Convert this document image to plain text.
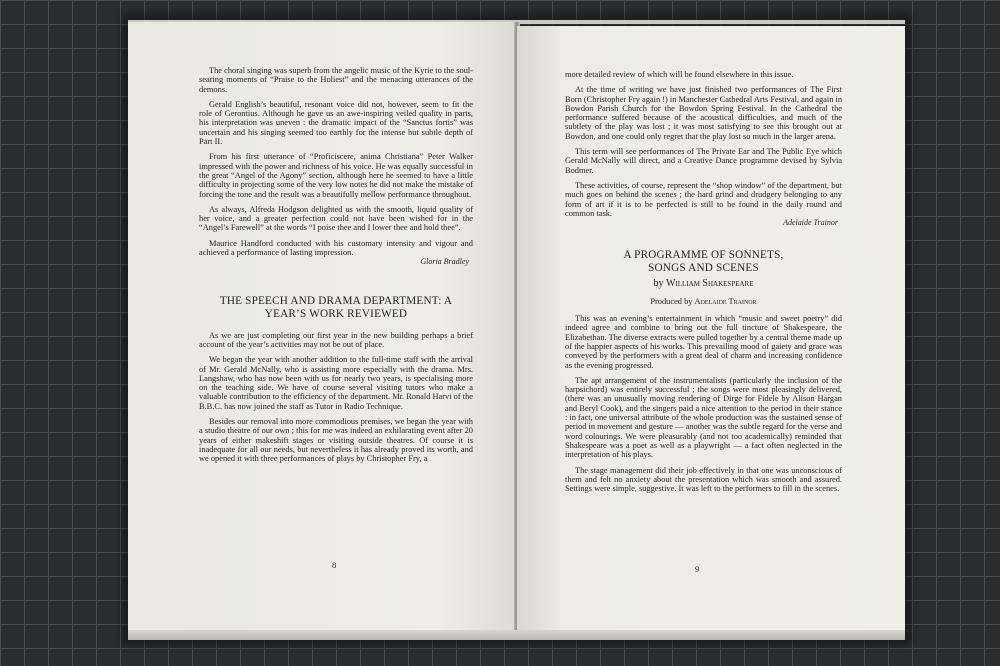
The choral singing was superb from the angelic music of the Kyrie to the soul-searing moments of “Praise to the Holiest” and the menacing utterances of the demons.

Gerald English’s beautiful, resonant voice did not, however, seem to fit the role of Gerontius. Although he gave us an awe-inspiring veiled quality in parts, his interpretation was uneven : the dramatic impact of the “Sanctus fortis” was uncertain and his singing seemed too earthly for the intense but subtle depth of Part II.

From his first utterance of “Proficiscere, anima Christiana” Peter Walker impressed with the power and richness of his voice. He was equally successful in the great “Angel of the Agony” section, although here he seemed to have a little difficulty in projecting some of the very low notes he did not make the mistake of forcing the tone and the result was a beautifully mellow performance throughout.

As always, Alfreda Hodgson delighted us with the smooth, liquid quality of her voice, and a greater perfection could not have been wished for in the “Angel’s Farewell” at the words “I poise thee and I lower thee and hold thee”.

Maurice Handford conducted with his customary intensity and vigour and achieved a performance of lasting impression.

Gloria Bradley
THE SPEECH AND DRAMA DEPARTMENT: A YEAR’S WORK REVIEWED

As we are just completing our first year in the new building perhaps a brief account of the year’s activities may not be out of place.

We began the year with another addition to the full-time staff with the arrival of Mr. Gerald McNally, who is assisting more especially with the drama. Mrs. Langshaw, who has now been with us for nearly two years, is specialising more on the teaching side. We have of course several visiting tutors who make a valuable contribution to the efficiency of the department. Mr. Ronald Harvi of the B.B.C. has now joined the staff as Tutor in Radio Technique.

Besides our removal into more commodious premises, we began the year with a studio theatre of our own ; this for me was indeed an exhilarating event after 20 years of either makeshift stages or visiting outside theatres. Of course it is inadequate for all our needs, but nevertheless it has already proved its worth, and we opened it with three performances of plays by Christopher Fry, a

8

more detailed review of which will be found elsewhere in this issue.

At the time of writing we have just finished two performances of The First Born (Christopher Fry again !) in Manchester Cathedral Arts Festival, and again in Bowdon Parish Church for the Bowdon Spring Festival. In the Cathedral the performance suffered because of the acoustical difficulties, and much of the subtlety of the play was lost ; it was most satisfying to see this brought out at Bowdon, and one could only regret that the play lost so much in the larger arena.

This term will see performances of The Private Ear and The Public Eye which Gerald McNally will direct, and a Creative Dance programme devised by Sylvia Bodmer.

These activities, of course, represent the “shop window” of the department, but much goes on behind the scenes ; the hard grind and drudgery belonging to any form of art if it is to be perfected is still to be found in the daily round and common task.

Adelaide Trainor
A PROGRAMME OF SONNETS,
SONGS AND SCENES
by William Shakespeare
Produced by Adelaide Trainor

This was an evening’s entertainment in which “music and sweet poetry” did indeed agree and combine to bring out the full tincture of Shakespeare, the Elizabethan. The diverse extracts were pulled together by a central theme made up of the happier aspects of his works. This prevailing mood of gaiety and grace was conveyed by the performers with a great deal of charm and increasing confidence as the evening progressed.

The apt arrangement of the instrumentalists (particularly the inclusion of the harpsichord) was entirely successful ; the songs were most pleasingly delivered, (there was an unusually moving rendering of Dirge for Fidele by Alison Hargan and Beryl Cook), and the singers paid a nice attention to the period in their stance : in fact, one universal attribute of the whole production was the sustained sense of period in movement and gesture — another was the subtle regard for the verse and word colourings. We were pleasurably (and not too academically) reminded that Shakespeare was a poet as well as a playwright — a fact often neglected in the interpretation of his plays.

The stage management did their job effectively in that one was unconscious of them and felt no anxiety about the presentation which was smooth and assured. Settings were simple, suggestive. It was left to the performers to fill in the scenes.

9
